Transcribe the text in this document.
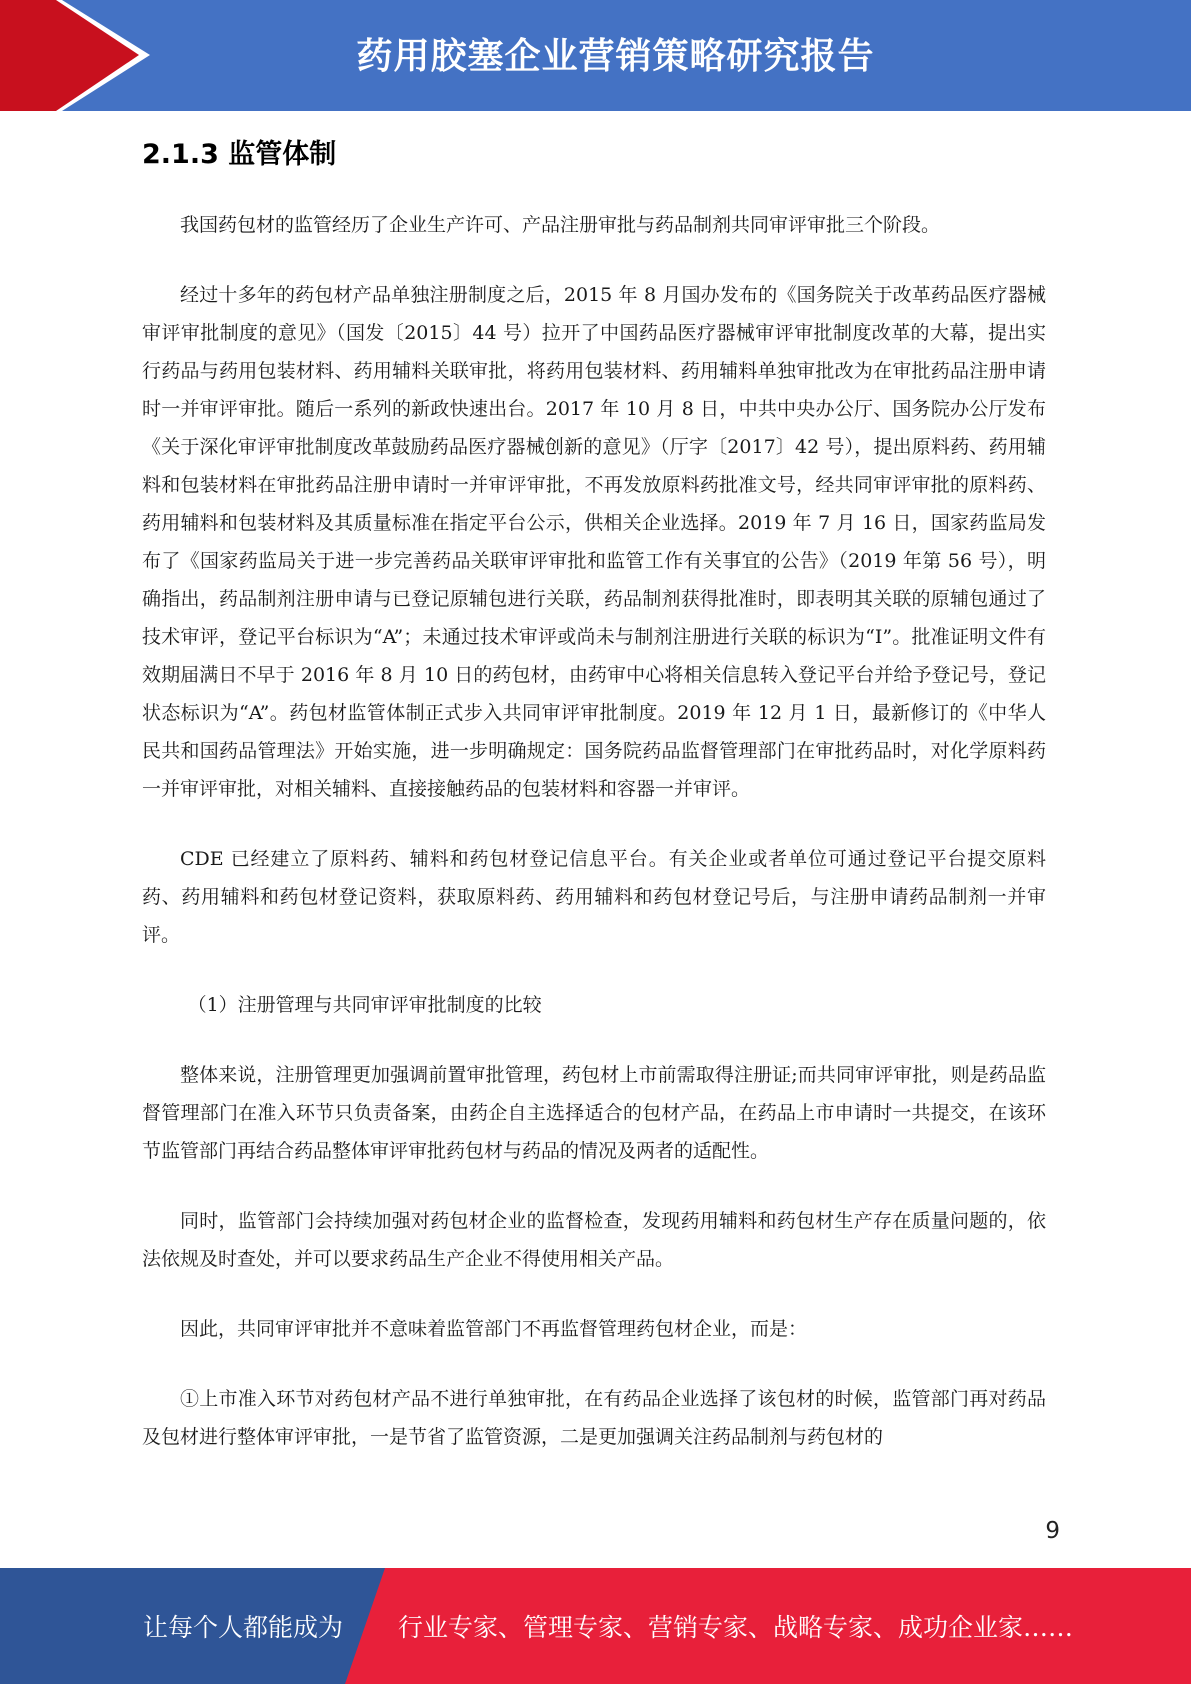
药用胶塞企业营销策略研究报告
2.1.3 监管体制

我国药包材的监管经历了企业生产许可、产品注册审批与药品制剂共同审评审批三个阶段。

经过十多年的药包材产品单独注册制度之后，2015 年 8 月国办发布的《国务院关于改革药品医疗器械审评审批制度的意见》（国发〔2015〕44 号）拉开了中国药品医疗器械审评审批制度改革的大幕，提出实行药品与药用包装材料、药用辅料关联审批，将药用包装材料、药用辅料单独审批改为在审批药品注册申请时一并审评审批。随后一系列的新政快速出台。2017 年 10 月 8 日，中共中央办公厅、国务院办公厅发布《关于深化审评审批制度改革鼓励药品医疗器械创新的意见》（厅字〔2017〕42 号），提出原料药、药用辅料和包装材料在审批药品注册申请时一并审评审批，不再发放原料药批准文号，经共同审评审批的原料药、药用辅料和包装材料及其质量标准在指定平台公示，供相关企业选择。2019 年 7 月 16 日，国家药监局发布了《国家药监局关于进一步完善药品关联审评审批和监管工作有关事宜的公告》（2019 年第 56 号），明确指出，药品制剂注册申请与已登记原辅包进行关联，药品制剂获得批准时，即表明其关联的原辅包通过了技术审评，登记平台标识为“A”；未通过技术审评或尚未与制剂注册进行关联的标识为“I”。批准证明文件有效期届满日不早于 2016 年 8 月 10 日的药包材，由药审中心将相关信息转入登记平台并给予登记号，登记状态标识为“A”。药包材监管体制正式步入共同审评审批制度。2019 年 12 月 1 日，最新修订的《中华人民共和国药品管理法》开始实施，进一步明确规定：国务院药品监督管理部门在审批药品时，对化学原料药一并审评审批，对相关辅料、直接接触药品的包装材料和容器一并审评。

CDE 已经建立了原料药、辅料和药包材登记信息平台。有关企业或者单位可通过登记平台提交原料药、药用辅料和药包材登记资料，获取原料药、药用辅料和药包材登记号后，与注册申请药品制剂一并审评。

（1）注册管理与共同审评审批制度的比较

整体来说，注册管理更加强调前置审批管理，药包材上市前需取得注册证;而共同审评审批，则是药品监督管理部门在准入环节只负责备案，由药企自主选择适合的包材产品，在药品上市申请时一共提交，在该环节监管部门再结合药品整体审评审批药包材与药品的情况及两者的适配性。

同时，监管部门会持续加强对药包材企业的监督检查，发现药用辅料和药包材生产存在质量问题的，依法依规及时查处，并可以要求药品生产企业不得使用相关产品。

因此，共同审评审批并不意味着监管部门不再监督管理药包材企业，而是：

①上市准入环节对药包材产品不进行单独审批，在有药品企业选择了该包材的时候，监管部门再对药品及包材进行整体审评审批，一是节省了监管资源，二是更加强调关注药品制剂与药包材的

9
让每个人都能成为 行业专家、管理专家、营销专家、战略专家、成功企业家……
